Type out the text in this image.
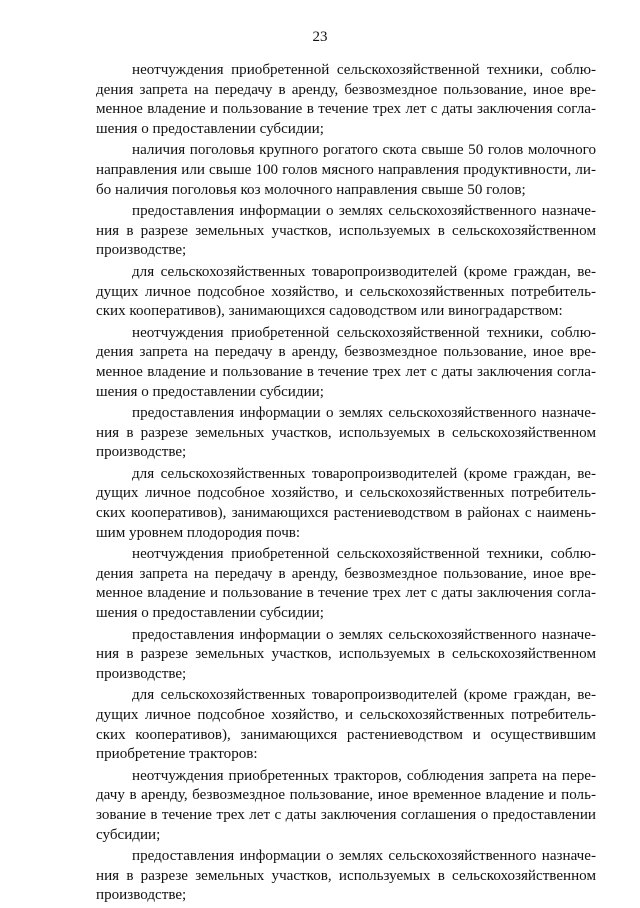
23

неотчуждения приобретенной сельскохозяйственной техники, соблюдения запрета на передачу в аренду, безвозмездное пользование, иное временное владение и пользование в течение трех лет с даты заключения соглашения о предоставлении субсидии;

наличия поголовья крупного рогатого скота свыше 50 голов молочного направления или свыше 100 голов мясного направления продуктивности, либо наличия поголовья коз молочного направления свыше 50 голов;

предоставления информации о землях сельскохозяйственного назначения в разрезе земельных участков, используемых в сельскохозяйственном производстве;

для сельскохозяйственных товаропроизводителей (кроме граждан, ведущих личное подсобное хозяйство, и сельскохозяйственных потребительских кооперативов), занимающихся садоводством или виноградарством:

неотчуждения приобретенной сельскохозяйственной техники, соблюдения запрета на передачу в аренду, безвозмездное пользование, иное временное владение и пользование в течение трех лет с даты заключения соглашения о предоставлении субсидии;

предоставления информации о землях сельскохозяйственного назначения в разрезе земельных участков, используемых в сельскохозяйственном производстве;

для сельскохозяйственных товаропроизводителей (кроме граждан, ведущих личное подсобное хозяйство, и сельскохозяйственных потребительских кооперативов), занимающихся растениеводством в районах с наименьшим уровнем плодородия почв:

неотчуждения приобретенной сельскохозяйственной техники, соблюдения запрета на передачу в аренду, безвозмездное пользование, иное временное владение и пользование в течение трех лет с даты заключения соглашения о предоставлении субсидии;

предоставления информации о землях сельскохозяйственного назначения в разрезе земельных участков, используемых в сельскохозяйственном производстве;

для сельскохозяйственных товаропроизводителей (кроме граждан, ведущих личное подсобное хозяйство, и сельскохозяйственных потребительских кооперативов), занимающихся растениеводством и осуществившим приобретение тракторов:

неотчуждения приобретенных тракторов, соблюдения запрета на передачу в аренду, безвозмездное пользование, иное временное владение и пользование в течение трех лет с даты заключения соглашения о предоставлении субсидии;

предоставления информации о землях сельскохозяйственного назначения в разрезе земельных участков, используемых в сельскохозяйственном производстве;
